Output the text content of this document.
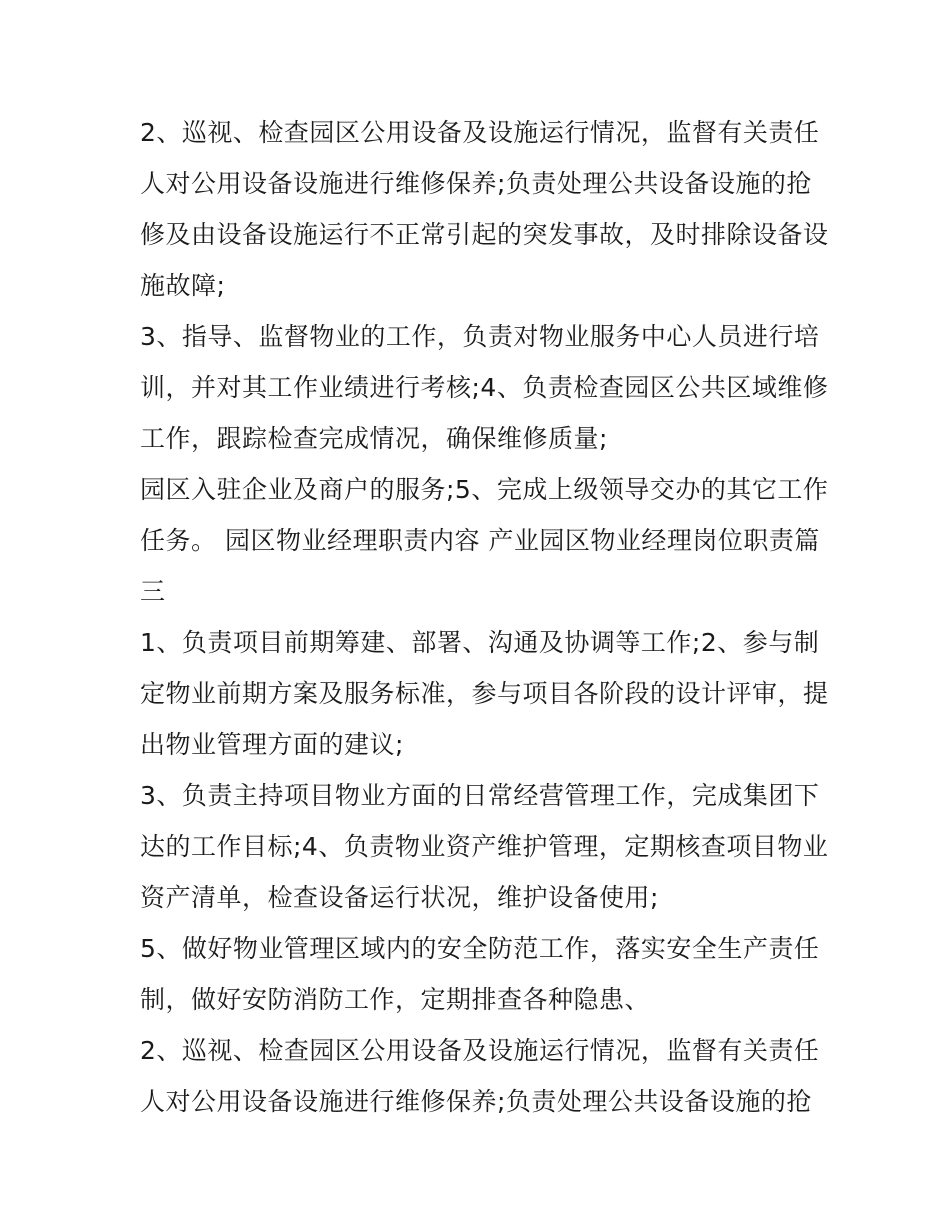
2、巡视、检查园区公用设备及设施运行情况，监督有关责任
人对公用设备设施进行维修保养;负责处理公共设备设施的抢
修及由设备设施运行不正常引起的突发事故，及时排除设备设
施故障;
3、指导、监督物业的工作，负责对物业服务中心人员进行培
训，并对其工作业绩进行考核;4、负责检查园区公共区域维修
工作，跟踪检查完成情况，确保维修质量;
园区入驻企业及商户的服务;5、完成上级领导交办的其它工作
任务。 园区物业经理职责内容 产业园区物业经理岗位职责篇
三
1、负责项目前期筹建、部署、沟通及协调等工作;2、参与制
定物业前期方案及服务标准，参与项目各阶段的设计评审，提
出物业管理方面的建议;
3、负责主持项目物业方面的日常经营管理工作，完成集团下
达的工作目标;4、负责物业资产维护管理，定期核查项目物业
资产清单，检查设备运行状况，维护设备使用;
5、做好物业管理区域内的安全防范工作，落实安全生产责任
制，做好安防消防工作，定期排查各种隐患、
2、巡视、检查园区公用设备及设施运行情况，监督有关责任
人对公用设备设施进行维修保养;负责处理公共设备设施的抢
